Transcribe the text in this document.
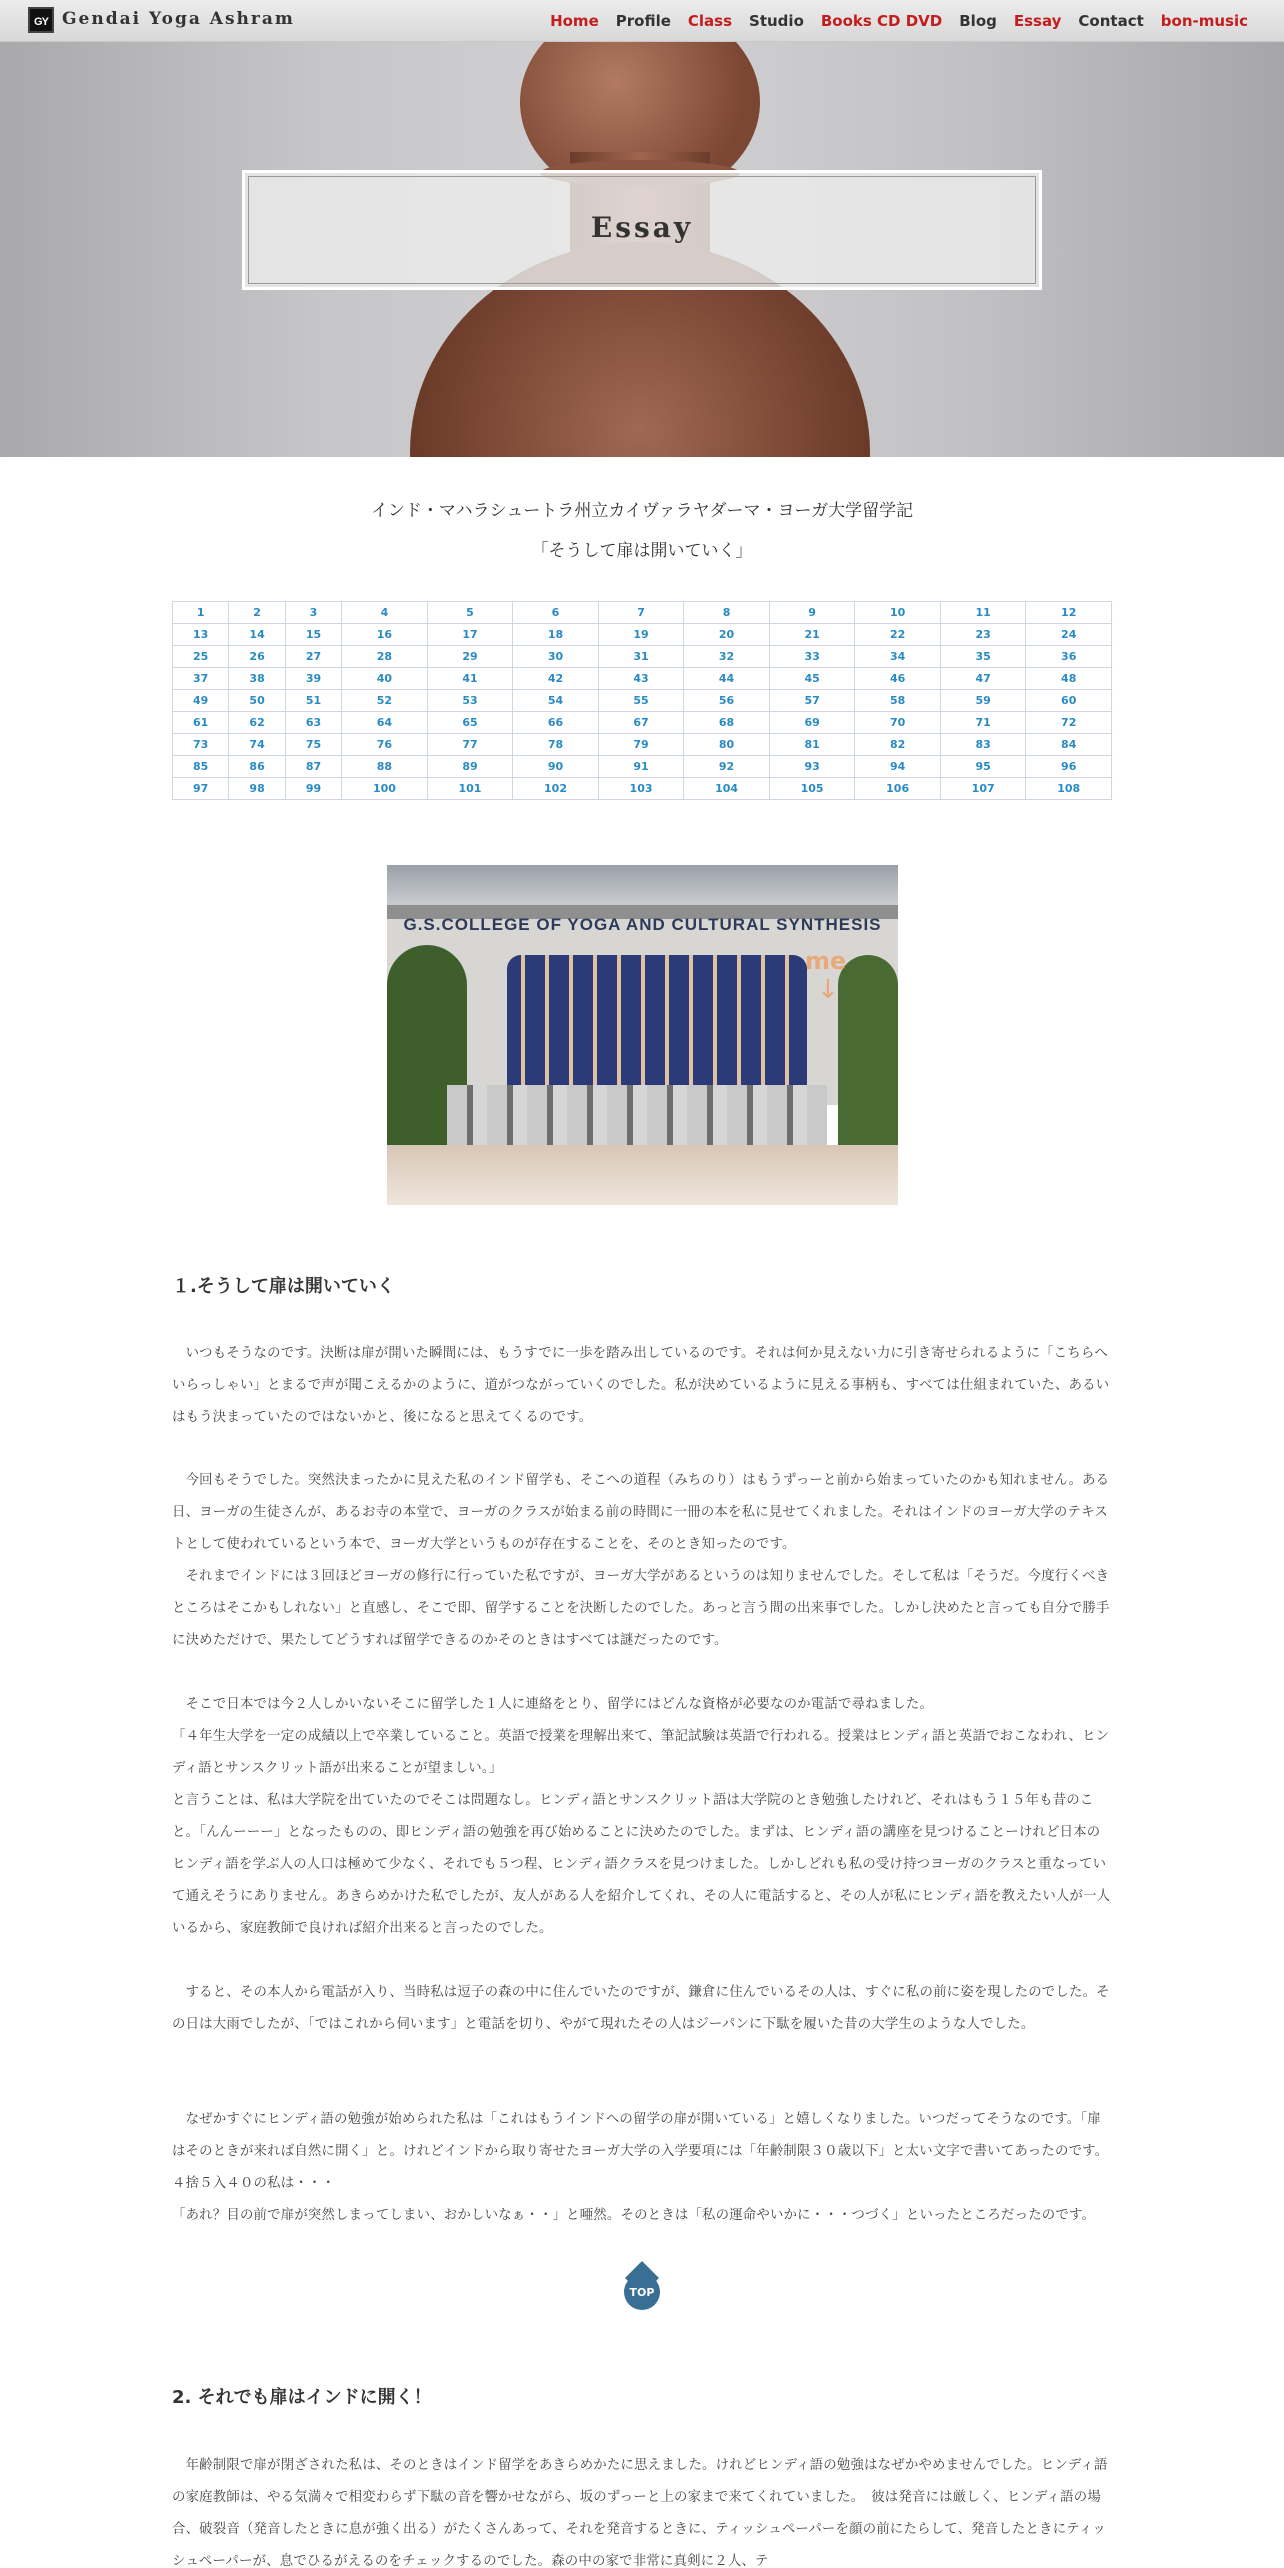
GY Gendai Yoga Ashram	Home Profile Class Studio Books CD DVD Blog Essay Contact bon-music
Essay
インド・マハラシュートラ州立カイヴァラヤダーマ・ヨーガ大学留学記
「そうして扉は開いていく」
1	2	3	4	5	6	7	8	9	10	11	12
13	14	15	16	17	18	19	20	21	22	23	24
25	26	27	28	29	30	31	32	33	34	35	36
37	38	39	40	41	42	43	44	45	46	47	48
49	50	51	52	53	54	55	56	57	58	59	60
61	62	63	64	65	66	67	68	69	70	71	72
73	74	75	76	77	78	79	80	81	82	83	84
85	86	87	88	89	90	91	92	93	94	95	96
97	98	99	100	101	102	103	104	105	106	107	108
G.S.COLLEGE OF YOGA AND CULTURAL SYNTHESIS
me
↓
１.そうして扉は開いていく
　いつもそうなのです。決断は扉が開いた瞬間には、もうすでに一歩を踏み出しているのです。それは何か見えない力に引き寄せられるように「こちらへいらっしゃい」とまるで声が聞こえるかのように、道がつながっていくのでした。私が決めているように見える事柄も、すべては仕組まれていた、あるいはもう決まっていたのではないかと、後になると思えてくるのです。
　今回もそうでした。突然決まったかに見えた私のインド留学も、そこへの道程（みちのり）はもうずっーと前から始まっていたのかも知れません。ある日、ヨーガの生徒さんが、あるお寺の本堂で、ヨーガのクラスが始まる前の時間に一冊の本を私に見せてくれました。それはインドのヨーガ大学のテキストとして使われているという本で、ヨーガ大学というものが存在することを、そのとき知ったのです。
　それまでインドには３回ほどヨーガの修行に行っていた私ですが、ヨーガ大学があるというのは知りませんでした。そして私は「そうだ。今度行くべきところはそこかもしれない」と直感し、そこで即、留学することを決断したのでした。あっと言う間の出来事でした。しかし決めたと言っても自分で勝手に決めただけで、果たしてどうすれば留学できるのかそのときはすべては謎だったのです。
　そこで日本では今２人しかいないそこに留学した１人に連絡をとり、留学にはどんな資格が必要なのか電話で尋ねました。
「４年生大学を一定の成績以上で卒業していること。英語で授業を理解出来て、筆記試験は英語で行われる。授業はヒンディ語と英語でおこなわれ、ヒンディ語とサンスクリット語が出来ることが望ましい。」
と言うことは、私は大学院を出ていたのでそこは問題なし。ヒンディ語とサンスクリット語は大学院のとき勉強したけれど、それはもう１５年も昔のこと。「んんーーー」となったものの、即ヒンディ語の勉強を再び始めることに決めたのでした。まずは、ヒンディ語の講座を見つけることーけれど日本のヒンディ語を学ぶ人の人口は極めて少なく、それでも５つ程、ヒンディ語クラスを見つけました。しかしどれも私の受け持つヨーガのクラスと重なっていて通えそうにありません。あきらめかけた私でしたが、友人がある人を紹介してくれ、その人に電話すると、その人が私にヒンディ語を教えたい人が一人いるから、家庭教師で良ければ紹介出来ると言ったのでした。
　すると、その本人から電話が入り、当時私は逗子の森の中に住んでいたのですが、鎌倉に住んでいるその人は、すぐに私の前に姿を現したのでした。その日は大雨でしたが、「ではこれから伺います」と電話を切り、やがて現れたその人はジーパンに下駄を履いた昔の大学生のような人でした。
　なぜかすぐにヒンディ語の勉強が始められた私は「これはもうインドへの留学の扉が開いている」と嬉しくなりました。いつだってそうなのです。「扉はそのときが来れば自然に開く」と。けれどインドから取り寄せたヨーガ大学の入学要項には「年齢制限３０歳以下」と太い文字で書いてあったのです。４捨５入４０の私は・・・
「あれ？目の前で扉が突然しまってしまい、おかしいなぁ・・」と唖然。そのときは「私の運命やいかに・・・つづく」といったところだったのです。
TOP
2. それでも扉はインドに開く！
　年齢制限で扉が閉ざされた私は、そのときはインド留学をあきらめかたに思えました。けれどヒンディ語の勉強はなぜかやめませんでした。ヒンディ語の家庭教師は、やる気満々で相変わらず下駄の音を響かせながら、坂のずっーと上の家まで来てくれていました。　彼は発音には厳しく、ヒンディ語の場合、破裂音（発音したときに息が強く出る）がたくさんあって、それを発音するときに、ティッシュペーパーを顔の前にたらして、発音したときにティッシュペーパーが、息でひるがえるのをチェックするのでした。森の中の家で非常に真剣に２人、テ
